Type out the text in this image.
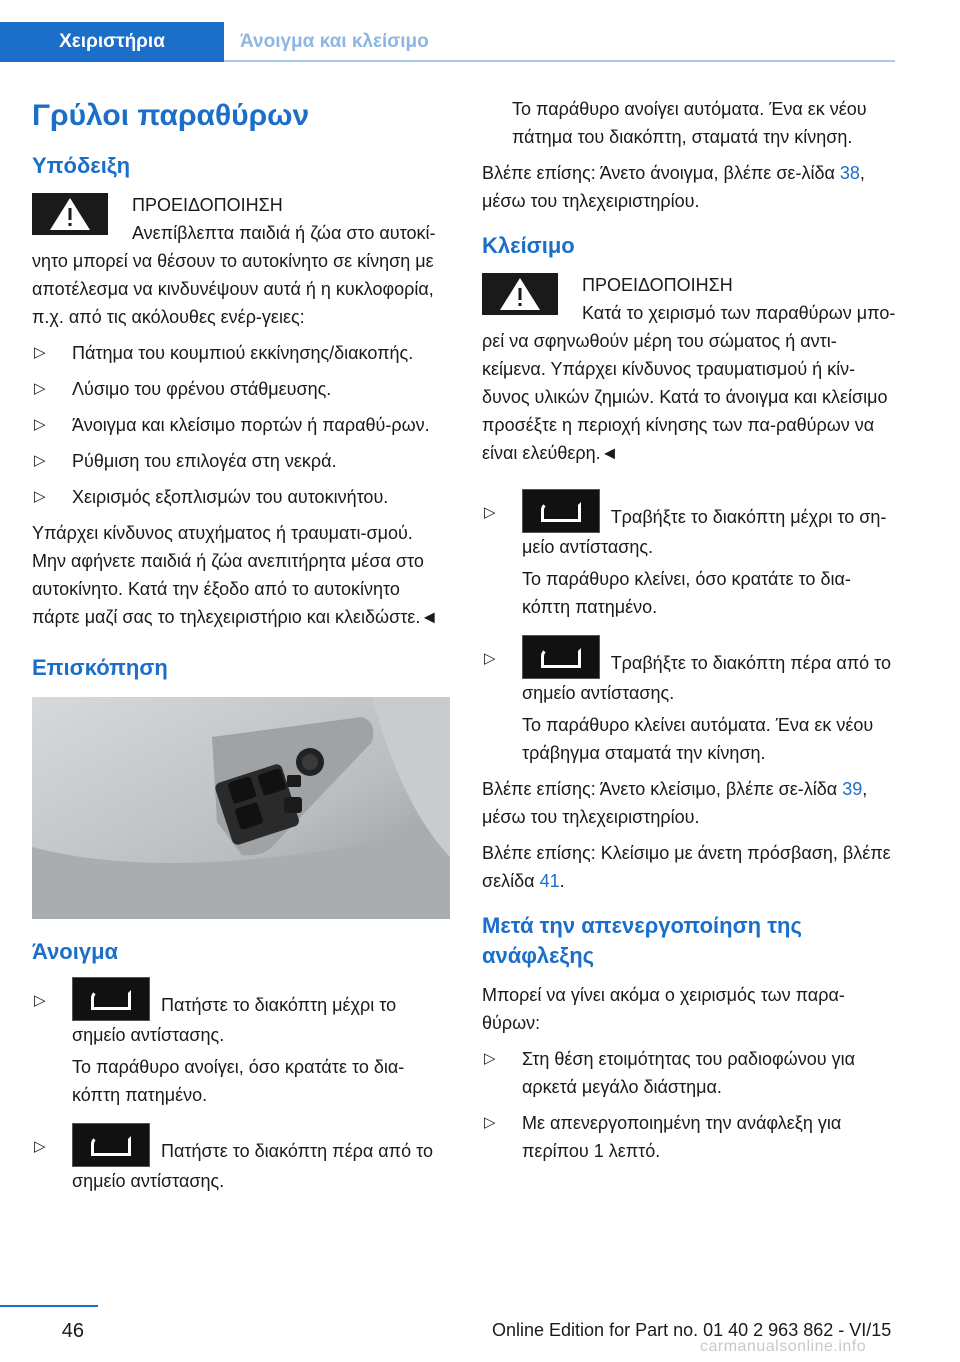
Χειριστήρια	Άνοιγμα και κλείσιμο
Γρύλοι παραθύρων
Υπόδειξη
ΠΡΟΕΙΔΟΠΟΙΗΣΗ
Ανεπίβλεπτα παιδιά ή ζώα στο αυτοκί-
νητο μπορεί να θέσουν το αυτοκίνητο σε κίνηση με αποτέλεσμα να κινδυνέψουν αυτά ή η κυκλοφορία, π.χ. από τις ακόλουθες ενέρ-γειες:
▷ Πάτημα του κουμπιού εκκίνησης/διακοπής.
▷ Λύσιμο του φρένου στάθμευσης.
▷ Άνοιγμα και κλείσιμο πορτών ή παραθύ-ρων.
▷ Ρύθμιση του επιλογέα στη νεκρά.
▷ Χειρισμός εξοπλισμών του αυτοκινήτου.
Υπάρχει κίνδυνος ατυχήματος ή τραυματι-σμού. Μην αφήνετε παιδιά ή ζώα ανεπιτήρητα μέσα στο αυτοκίνητο. Κατά την έξοδο από το αυτοκίνητο πάρτε μαζί σας το τηλεχειριστήριο και κλειδώστε.◄
Επισκόπηση
Άνοιγμα
▷	Πατήστε το διακόπτη μέχρι το σημείο αντίστασης.
Το παράθυρο ανοίγει, όσο κρατάτε το δια-κόπτη πατημένο.
▷	Πατήστε το διακόπτη πέρα από το σημείο αντίστασης.
Το παράθυρο ανοίγει αυτόματα. Ένα εκ νέου πάτημα του διακόπτη, σταματά την κίνηση.
Βλέπε επίσης: Άνετο άνοιγμα, βλέπε σε-λίδα 38, μέσω του τηλεχειριστηρίου.
Κλείσιμο
ΠΡΟΕΙΔΟΠΟΙΗΣΗ
Κατά το χειρισμό των παραθύρων μπο-
ρεί να σφηνωθούν μέρη του σώματος ή αντι-κείμενα. Υπάρχει κίνδυνος τραυματισμού ή κίν-δυνος υλικών ζημιών. Κατά το άνοιγμα και κλείσιμο προσέξτε η περιοχή κίνησης των πα-ραθύρων να είναι ελεύθερη.◄
▷	Τραβήξτε το διακόπτη μέχρι το ση-μείο αντίστασης.
Το παράθυρο κλείνει, όσο κρατάτε το δια-κόπτη πατημένο.
▷	Τραβήξτε το διακόπτη πέρα από το σημείο αντίστασης.
Το παράθυρο κλείνει αυτόματα. Ένα εκ νέου τράβηγμα σταματά την κίνηση.
Βλέπε επίσης: Άνετο κλείσιμο, βλέπε σε-λίδα 39, μέσω του τηλεχειριστηρίου.
Βλέπε επίσης: Κλείσιμο με άνετη πρόσβαση, βλέπε σελίδα 41.
Μετά την απενεργοποίηση της ανάφλεξης
Μπορεί να γίνει ακόμα ο χειρισμός των παρα-θύρων:
▷ Στη θέση ετοιμότητας του ραδιοφώνου για αρκετά μεγάλο διάστημα.
▷ Με απενεργοποιημένη την ανάφλεξη για περίπου 1 λεπτό.
46	Online Edition for Part no. 01 40 2 963 862 - VI/15
carmanualsonline.info
